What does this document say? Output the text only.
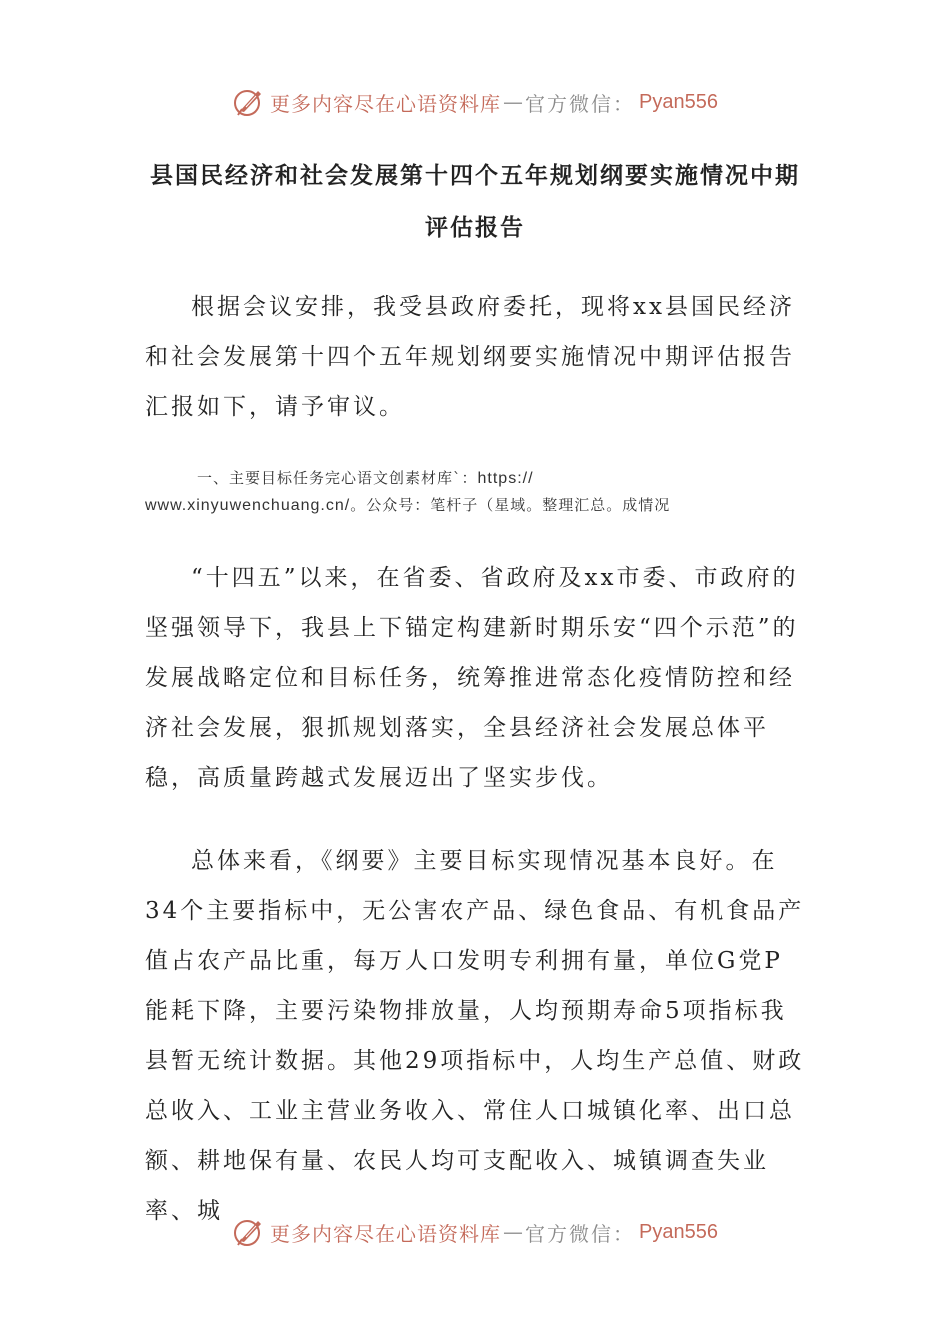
更多内容尽在心语资料库 — 官方微信： Pyan556
县国民经济和社会发展第十四个五年规划纲要实施情况中期评估报告

根据会议安排，我受县政府委托，现将xx县国民经济和社会发展第十四个五年规划纲要实施情况中期评估报告汇报如下，请予审议。

一、主要目标任务完心语文创素材库`：https://
www.xinyuwenchuang.cn/。公众号：笔杆子（星域。整理汇总。成情况

“十四五”以来，在省委、省政府及xx市委、市政府的坚强领导下，我县上下锚定构建新时期乐安“四个示范”的发展战略定位和目标任务，统筹推进常态化疫情防控和经济社会发展，狠抓规划落实，全县经济社会发展总体平稳，高质量跨越式发展迈出了坚实步伐。

总体来看，《纲要》主要目标实现情况基本良好。在34个主要指标中，无公害农产品、绿色食品、有机食品产值占农产品比重，每万人口发明专利拥有量，单位G党P能耗下降，主要污染物排放量，人均预期寿命5项指标我县暂无统计数据。其他29项指标中，人均生产总值、财政总收入、工业主营业务收入、常住人口城镇化率、出口总额、耕地保有量、农民人均可支配收入、城镇调查失业率、城

更多内容尽在心语资料库 — 官方微信： Pyan556
